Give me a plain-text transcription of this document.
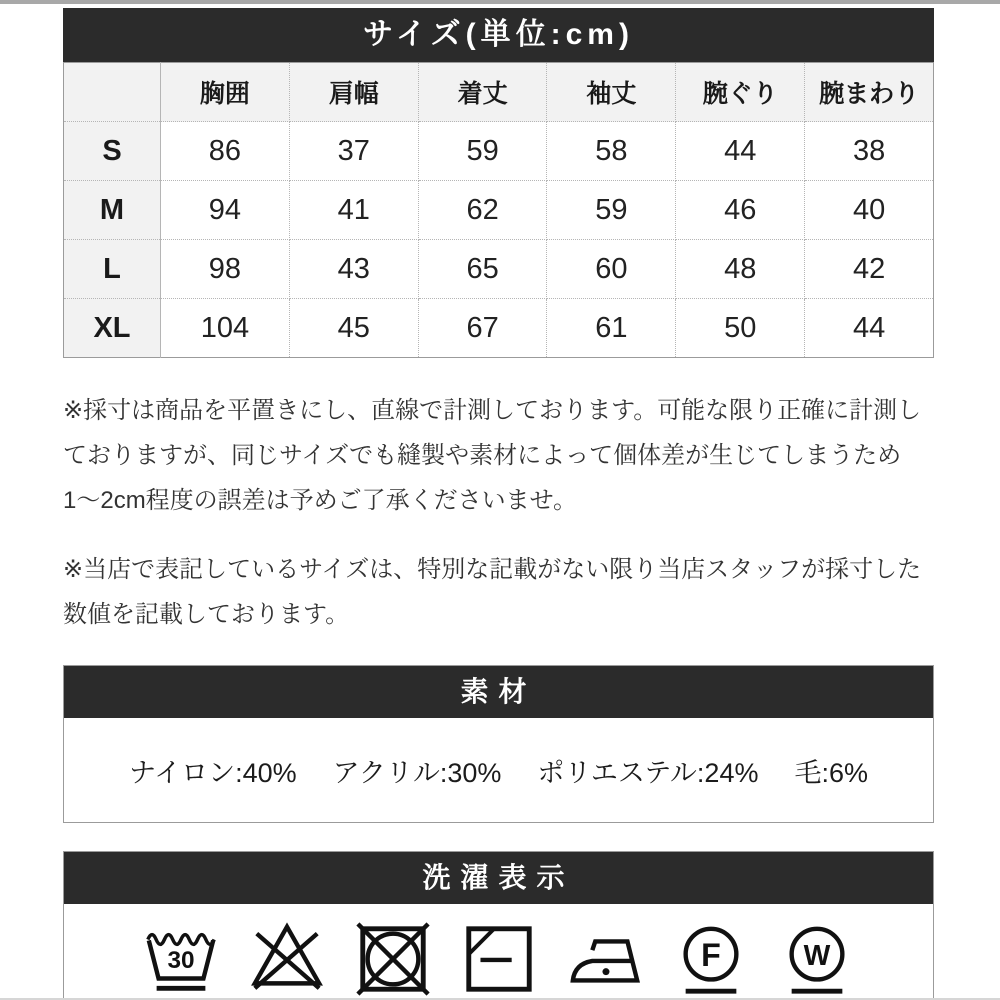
サイズ(単位:cm)
	胸囲	肩幅	着丈	袖丈	腕ぐり	腕まわり
S	86	37	59	58	44	38
M	94	41	62	59	46	40
L	98	43	65	60	48	42
XL	104	45	67	61	50	44

※採寸は商品を平置きにし、直線で計測しております。可能な限り正確に計測しておりますが、同じサイズでも縫製や素材によって個体差が生じてしまうため1〜2cm程度の誤差は予めご了承くださいませ。

※当店で表記しているサイズは、特別な記載がない限り当店スタッフが採寸した数値を記載しております。

素材
ナイロン:40% アクリル:30% ポリエステル:24% 毛:6%
洗濯表示
30	F	W
